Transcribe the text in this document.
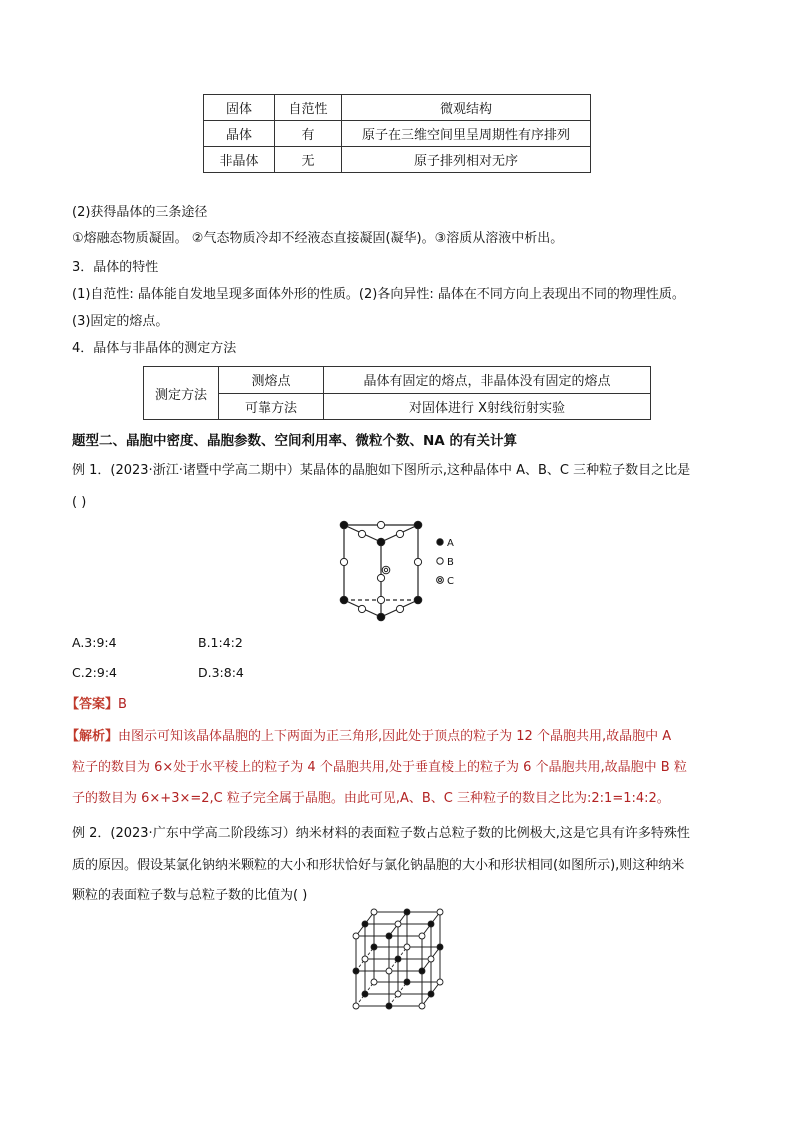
固体	自范性	微观结构
晶体	有	原子在三维空间里呈周期性有序排列
非晶体	无	原子排列相对无序
(2)获得晶体的三条途径
①熔融态物质凝固。 ②气态物质冷却不经液态直接凝固(凝华)。③溶质从溶液中析出。
3．晶体的特性
(1)自范性: 晶体能自发地呈现多面体外形的性质。(2)各向异性: 晶体在不同方向上表现出不同的物理性质。
(3)固定的熔点。
4．晶体与非晶体的测定方法
测定方法	测熔点	晶体有固定的熔点，非晶体没有固定的熔点
	可靠方法	对固体进行 X射线衍射实验
题型二、晶胞中密度、晶胞参数、空间利用率、微粒个数、NA 的有关计算
例 1．(2023·浙江·诸暨中学高二期中）某晶体的晶胞如下图所示,这种晶体中 A、B、C 三种粒子数目之比是
( )
A
B
C
A.3:9:4	B.1:4:2
C.2:9:4	D.3:8:4
【答案】B
【解析】由图示可知该晶体晶胞的上下两面为正三角形,因此处于顶点的粒子为 12 个晶胞共用,故晶胞中 A
粒子的数目为 6×处于水平棱上的粒子为 4 个晶胞共用,处于垂直棱上的粒子为 6 个晶胞共用,故晶胞中 B 粒
子的数目为 6×+3×=2,C 粒子完全属于晶胞。由此可见,A、B、C 三种粒子的数目之比为:2:1=1:4:2。
例 2．(2023·广东中学高二阶段练习）纳米材料的表面粒子数占总粒子数的比例极大,这是它具有许多特殊性
质的原因。假设某氯化钠纳米颗粒的大小和形状恰好与氯化钠晶胞的大小和形状相同(如图所示),则这种纳米
颗粒的表面粒子数与总粒子数的比值为( )
